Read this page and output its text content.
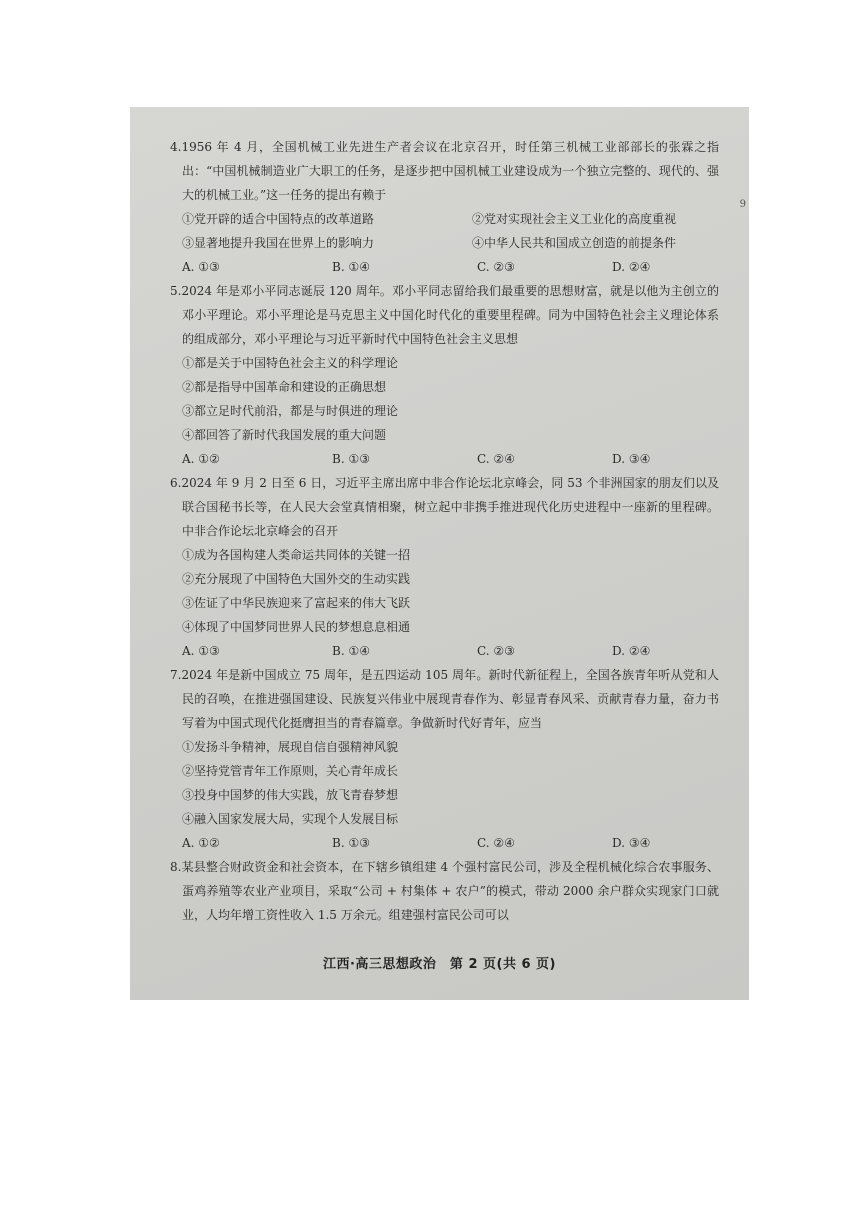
9

4.1956 年 4 月，全国机械工业先进生产者会议在北京召开，时任第三机械工业部部长的张霖之指出：“中国机械制造业广大职工的任务，是逐步把中国机械工业建设成为一个独立完整的、现代的、强大的机械工业。”这一任务的提出有赖于

①党开辟的适合中国特点的改革道路	②党对实现社会主义工业化的高度重视
③显著地提升我国在世界上的影响力	④中华人民共和国成立创造的前提条件
A. ①③	B. ①④	C. ②③	D. ②④

5.2024 年是邓小平同志诞辰 120 周年。邓小平同志留给我们最重要的思想财富，就是以他为主创立的邓小平理论。邓小平理论是马克思主义中国化时代化的重要里程碑。同为中国特色社会主义理论体系的组成部分，邓小平理论与习近平新时代中国特色社会主义思想

①都是关于中国特色社会主义的科学理论
②都是指导中国革命和建设的正确思想
③都立足时代前沿，都是与时俱进的理论
④都回答了新时代我国发展的重大问题
A. ①②	B. ①③	C. ②④	D. ③④

6.2024 年 9 月 2 日至 6 日，习近平主席出席中非合作论坛北京峰会，同 53 个非洲国家的朋友们以及联合国秘书长等，在人民大会堂真情相聚，树立起中非携手推进现代化历史进程中一座新的里程碑。中非合作论坛北京峰会的召开

①成为各国构建人类命运共同体的关键一招
②充分展现了中国特色大国外交的生动实践
③佐证了中华民族迎来了富起来的伟大飞跃
④体现了中国梦同世界人民的梦想息息相通
A. ①③	B. ①④	C. ②③	D. ②④

7.2024 年是新中国成立 75 周年，是五四运动 105 周年。新时代新征程上，全国各族青年听从党和人民的召唤，在推进强国建设、民族复兴伟业中展现青春作为、彰显青春风采、贡献青春力量，奋力书写着为中国式现代化挺膺担当的青春篇章。争做新时代好青年，应当

①发扬斗争精神，展现自信自强精神风貌
②坚持党管青年工作原则，关心青年成长
③投身中国梦的伟大实践，放飞青春梦想
④融入国家发展大局，实现个人发展目标
A. ①②	B. ①③	C. ②④	D. ③④

8.某县整合财政资金和社会资本，在下辖乡镇组建 4 个强村富民公司，涉及全程机械化综合农事服务、蛋鸡养殖等农业产业项目，采取“公司 + 村集体 + 农户”的模式，带动 2000 余户群众实现家门口就业，人均年增工资性收入 1.5 万余元。组建强村富民公司可以

江西·高三思想政治　第 2 页(共 6 页)
